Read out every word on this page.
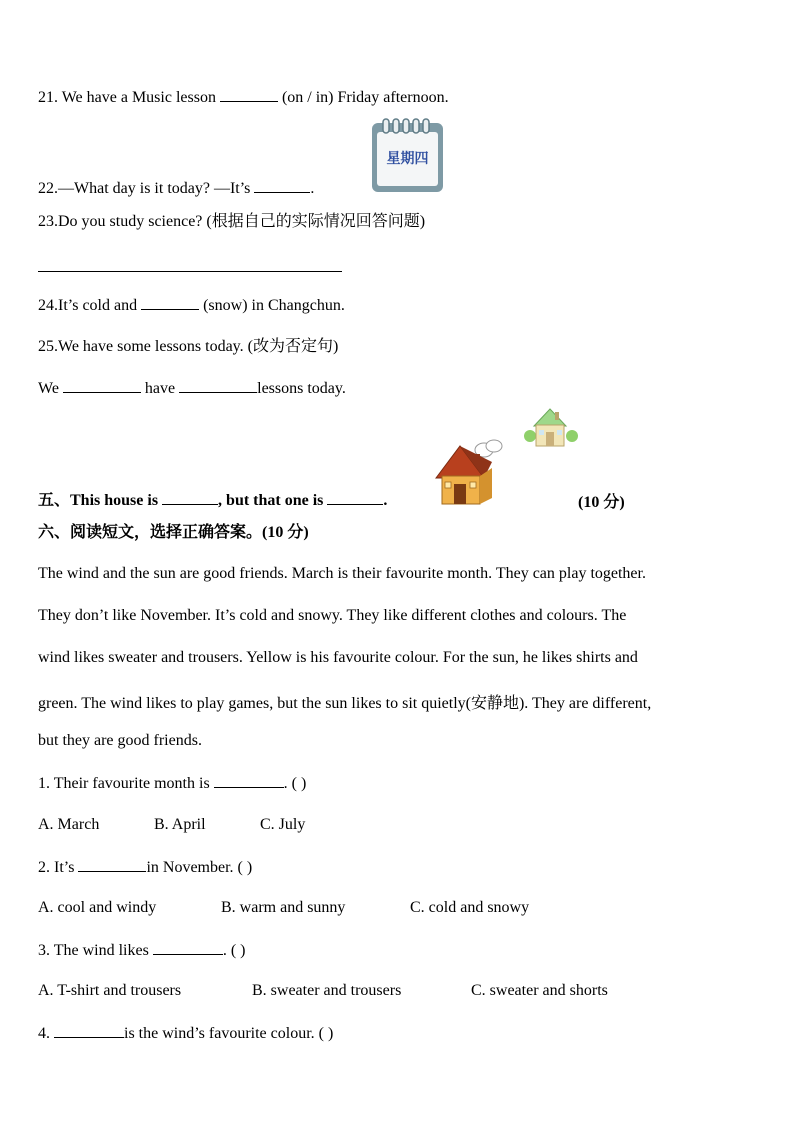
21. We have a Music lesson	(on / in) Friday afternoon.
星期四
22.—What day is it today? —It’s	.
23.Do you study science? (根据自己的实际情况回答问题)
24.It’s cold and	(snow) in Changchun.
25.We have some lessons today. (改为否定句)
We	have	lessons today.
五、This house is	, but that one is	.	(10 分)
六、阅读短文，选择正确答案。(10 分)
The wind and the sun are good friends. March is their favourite month. They can play together.
They don’t like November. It’s cold and snowy. They like different clothes and colours. The
wind likes sweater and trousers. Yellow is his favourite colour. For the sun, he likes shirts and
green. The wind likes to play games, but the sun likes to sit quietly(安静地). They are different,
but they are good friends.
1. Their favourite month is	. ( )
A. March	B. April	C. July
2. It’s	in November. ( )
A. cool and windy	B. warm and sunny	C. cold and snowy
3. The wind likes	. ( )
A. T-shirt and trousers	B. sweater and trousers	C. sweater and shorts
4.	is the wind’s favourite colour. ( )
